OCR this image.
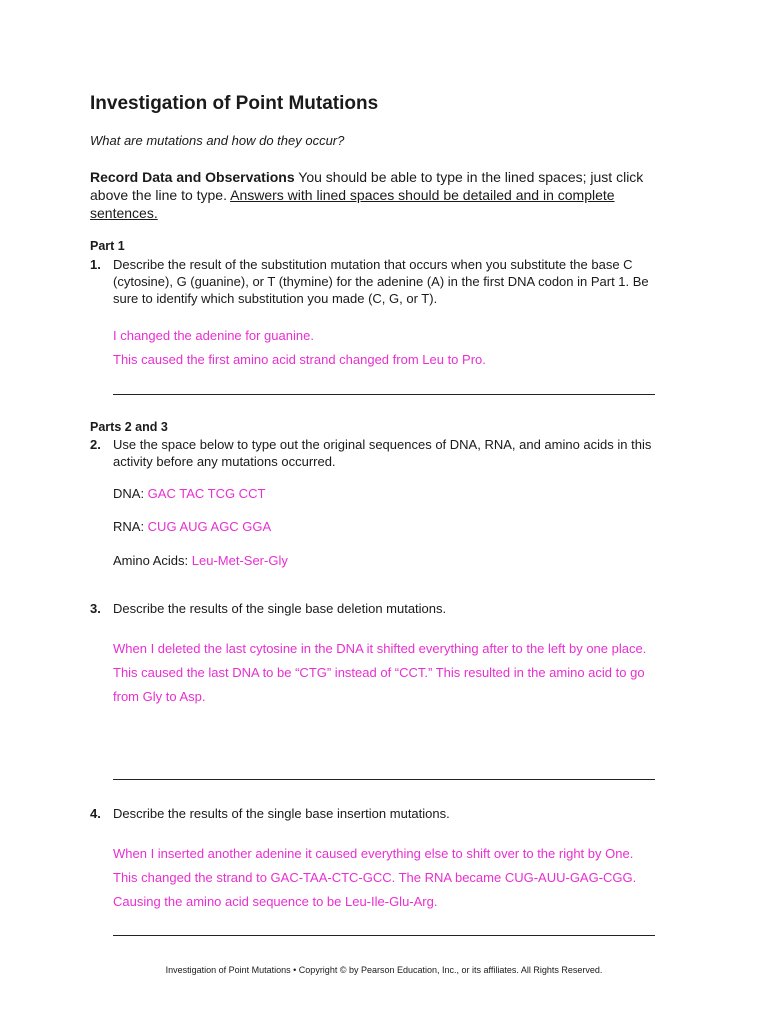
Investigation of Point Mutations

What are mutations and how do they occur?

Record Data and Observations You should be able to type in the lined spaces; just click above the line to type. Answers with lined spaces should be detailed and in complete sentences.

Part 1

1. Describe the result of the substitution mutation that occurs when you substitute the base C (cytosine), G (guanine), or T (thymine) for the adenine (A) in the first DNA codon in Part 1. Be sure to identify which substitution you made (C, G, or T).

I changed the adenine for guanine.

This caused the first amino acid strand changed from Leu to Pro.

Parts 2 and 3

2. Use the space below to type out the original sequences of DNA, RNA, and amino acids in this activity before any mutations occurred.
DNA: GAC TAC TCG CCT
RNA: CUG AUG AGC GGA
Amino Acids: Leu-Met-Ser-Gly
3. Describe the results of the single base deletion mutations.

When I deleted the last cytosine in the DNA it shifted everything after to the left by one place. This caused the last DNA to be “CTG” instead of “CCT.” This resulted in the amino acid to go from Gly to Asp.

4. Describe the results of the single base insertion mutations.

When I inserted another adenine it caused everything else to shift over to the right by One. This changed the strand to GAC-TAA-CTC-GCC. The RNA became CUG-AUU-GAG-CGG. Causing the amino acid sequence to be Leu-Ile-Glu-Arg.

Investigation of Point Mutations • Copyright © by Pearson Education, Inc., or its affiliates. All Rights Reserved.
